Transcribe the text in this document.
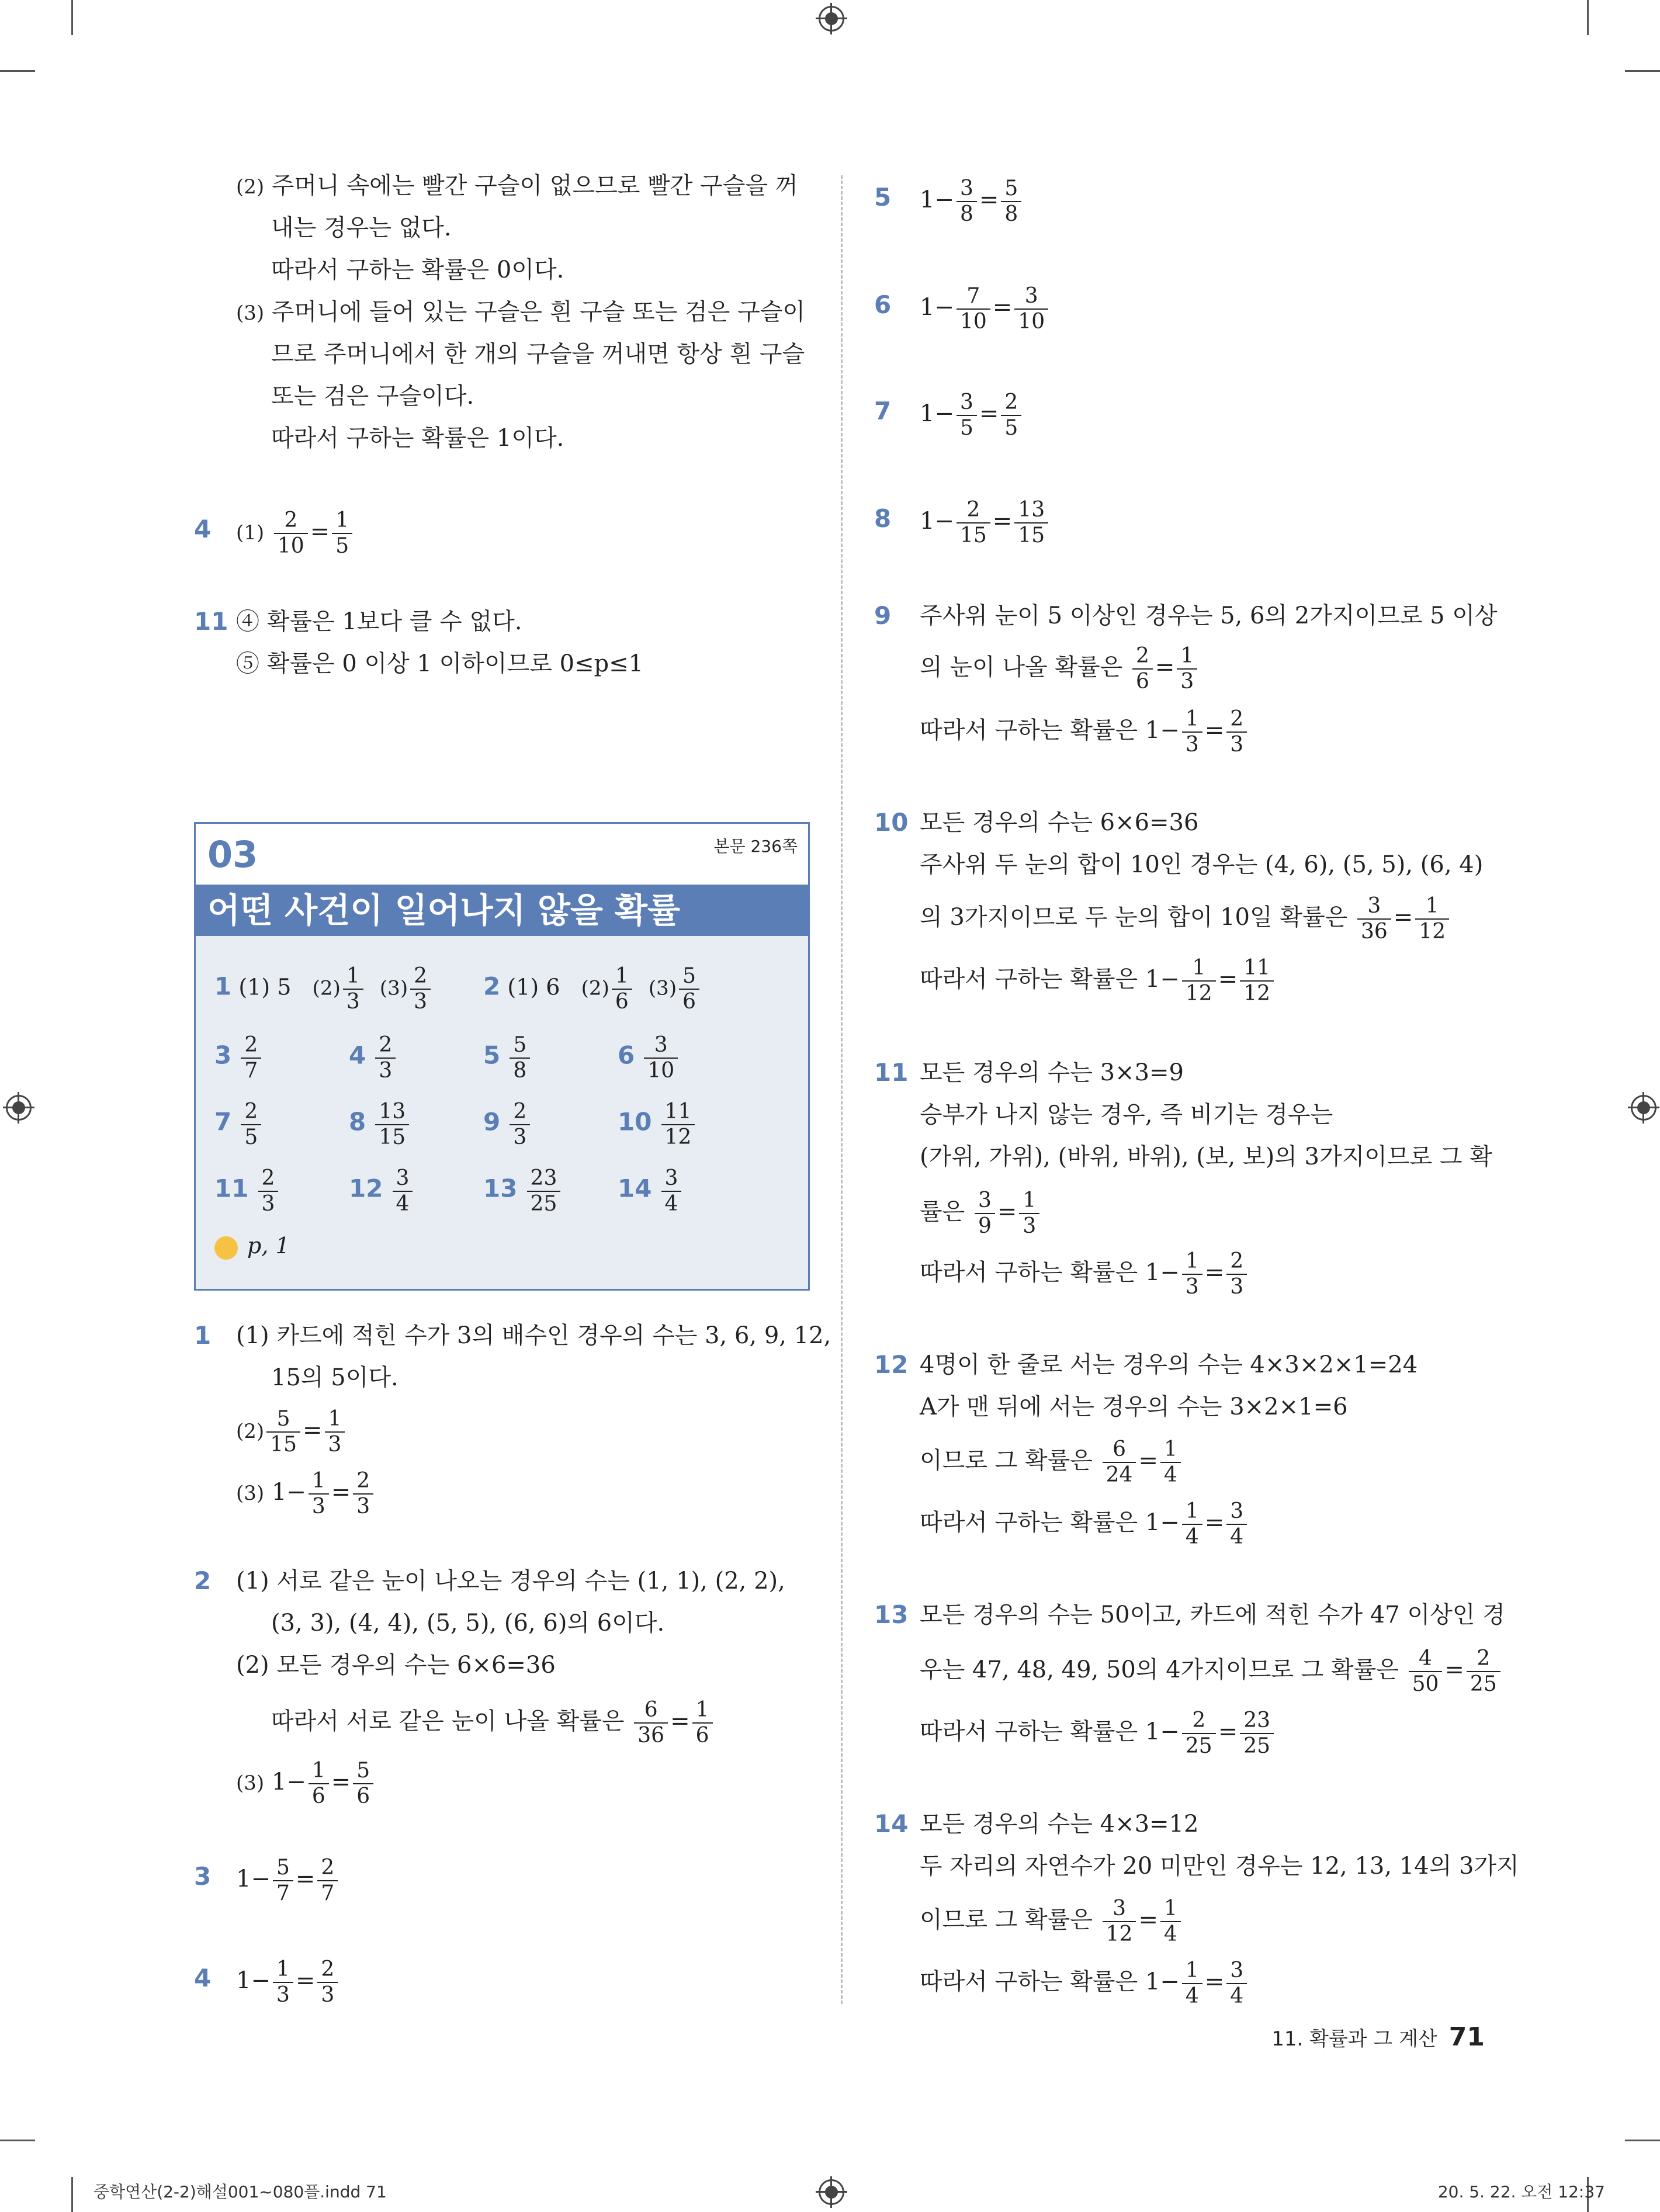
(2) 주머니 속에는 빨간 구슬이 없으므로 빨간 구슬을 꺼
내는 경우는 없다.
따라서 구하는 확률은 0이다.
(3) 주머니에 들어 있는 구슬은 흰 구슬 또는 검은 구슬이
므로 주머니에서 한 개의 구슬을 꺼내면 항상 흰 구슬
또는 검은 구슬이다.
따라서 구하는 확률은 1이다.
4 $(1) \frac{2}{10} = \frac{1}{5}$
11 ④ 확률은 1보다 클 수 없다.
⑤ 확률은 0 이상 1 이하이므로 0≤p≤1
03	본문 236쪽
어떤 사건이 일어나지 않을 확률
1 (1) 5 $(2) \frac{1}{3} (3) \frac{2}{3} 2$ (1) 6 $(2) \frac{1}{6} (3) \frac{5}{6}$
$3 \frac{2}{7}$	$4 \frac{2}{3}$	$5 \frac{5}{8}$	$6 \frac{3}{10}$
$7 \frac{2}{5}$	$8 \frac{13}{15}$	$9 \frac{2}{3}$	$10 \frac{11}{12}$
$11 \frac{2}{3}$	$12 \frac{3}{4}$	$13 \frac{23}{25} 14 \frac{3}{4}$
p, 1
1 (1) 카드에 적힌 수가 3의 배수인 경우의 수는 3, 6, 9, 12,
15의 5이다.
$(2) \frac{5}{15} = \frac{1}{3}$
(3) $1- \frac{1}{3} = \frac{2}{3}$
2 (1) 서로 같은 눈이 나오는 경우의 수는 (1, 1), (2, 2),
(3, 3), (4, 4), (5, 5), (6, 6)의 6이다.
(2) 모든 경우의 수는 6×6=36
따라서 서로 같은 눈이 나올 확률은 $\frac{6}{36} = \frac{1}{6}$
(3) $1- \frac{1}{6} = \frac{5}{6}$
3 $1- \frac{5}{7} = \frac{2}{7}$
4 $1- \frac{1}{3} = \frac{2}{3}$
5 $1- \frac{3}{8} = \frac{5}{8}$
6 $1- \frac{7}{10} = \frac{3}{10}$
7 $1- \frac{3}{5} = \frac{2}{5}$
8 $1- \frac{2}{15} = \frac{13}{15}$
9 주사위 눈이 5 이상인 경우는 5, 6의 2가지이므로 5 이상
의 눈이 나올 확률은 $\frac{2}{6} = \frac{1}{3}$
따라서 구하는 확률은 $1- \frac{1}{3} = \frac{2}{3}$
10 모든 경우의 수는 6×6=36
주사위 두 눈의 합이 10인 경우는 (4, 6), (5, 5), (6, 4)
의 3가지이므로 두 눈의 합이 10일 확률은 $\frac{3}{36} = \frac{1}{12}$
따라서 구하는 확률은 $1- \frac{1}{12} = \frac{11}{12}$
11 모든 경우의 수는 3×3=9
승부가 나지 않는 경우, 즉 비기는 경우는
(가위, 가위), (바위, 바위), (보, 보)의 3가지이므로 그 확
률은 $\frac{3}{9} = \frac{1}{3}$
따라서 구하는 확률은 $1- \frac{1}{3} = \frac{2}{3}$
12 4명이 한 줄로 서는 경우의 수는 4×3×2×1=24
A가 맨 뒤에 서는 경우의 수는 3×2×1=6
이므로 그 확률은 $\frac{6}{24} = \frac{1}{4}$
따라서 구하는 확률은 $1- \frac{1}{4} = \frac{3}{4}$
13 모든 경우의 수는 50이고, 카드에 적힌 수가 47 이상인 경
우는 47, 48, 49, 50의 4가지이므로 그 확률은 $\frac{4}{50} = \frac{2}{25}$
따라서 구하는 확률은 $1- \frac{2}{25} = \frac{23}{25}$
14 모든 경우의 수는 4×3=12
두 자리의 자연수가 20 미만인 경우는 12, 13, 14의 3가지
이므로 그 확률은 $\frac{3}{12} = \frac{1}{4}$
따라서 구하는 확률은 $1- \frac{1}{4} = \frac{3}{4}$
11. 확률과 그 계산 71
중학연산(2-2)해설001~080플.indd 71	20. 5. 22. 오전 12:37
